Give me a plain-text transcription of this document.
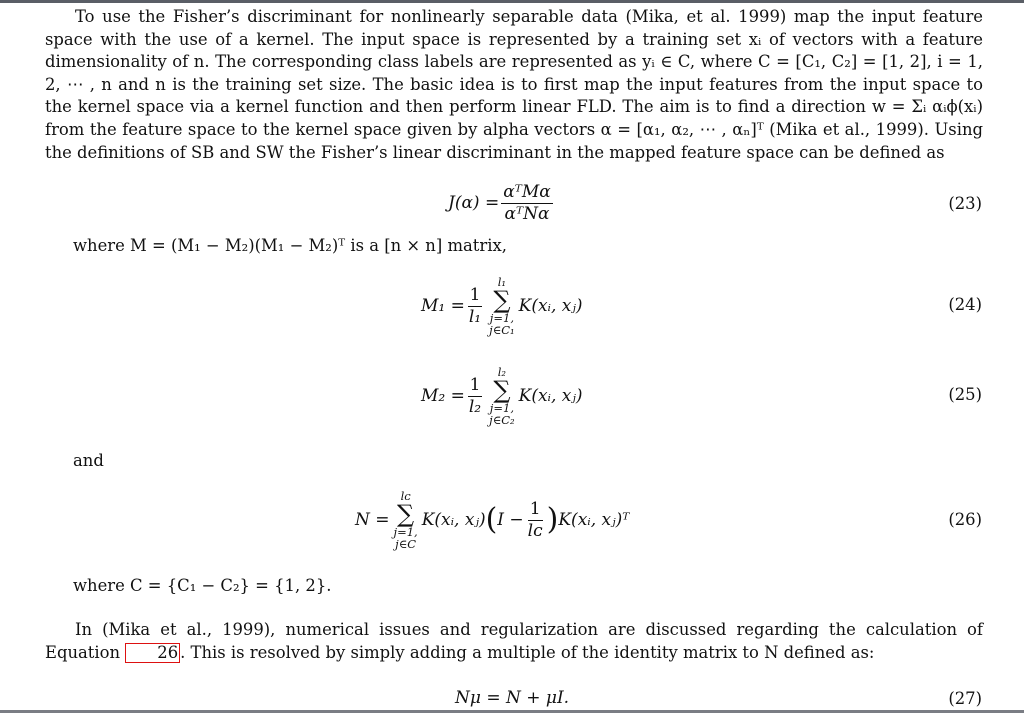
To use the Fisher’s discriminant for nonlinearly separable data (Mika, et al. 1999) map the input feature space with the use of a kernel. The input space is represented by a training set xᵢ of vectors with a feature dimensionality of n. The corresponding class labels are represented as yᵢ ∈ C, where C = [C₁, C₂] = [1, 2], i = 1, 2, ⋯ , n and n is the training set size. The basic idea is to first map the input features from the input space to the kernel space via a kernel function and then perform linear FLD. The aim is to find a direction w = Σᵢ αᵢϕ(xᵢ) from the feature space to the kernel space given by alpha vectors α = [α₁, α₂, ⋯ , αₙ]ᵀ (Mika et al., 1999). Using the definitions of SB and SW the Fisher’s linear discriminant in the mapped feature space can be defined as

$J(\alpha) = \frac{\text{αᵀMα}}{\text{αᵀNα}}$	(23)
where M = (M₁ − M₂)(M₁ − M₂)ᵀ is a [n × n] matrix,
$M_1 = \frac{1}{\text{l₁}}$
l₁
∑
j=1,
j∈C₁
K(xᵢ, xⱼ)	(24)
$M_2 = \frac{1}{\text{l₂}}$
l₂
∑
j=1,
j∈C₂
K(xᵢ, xⱼ)	(25)
and
N =
lᴄ
∑
j=1,
j∈C
K(xᵢ, xⱼ) ( $I - \frac{1}{\text{lᴄ}}$ ) K(xᵢ, xⱼ)ᵀ	(26)
where C = {C₁ − C₂} = {1, 2}.

In (Mika et al., 1999), numerical issues and regularization are discussed regarding the calculation of Equation 26 . This is resolved by simply adding a multiple of the identity matrix to N defined as:

Nμ = N + μI.	(27)
